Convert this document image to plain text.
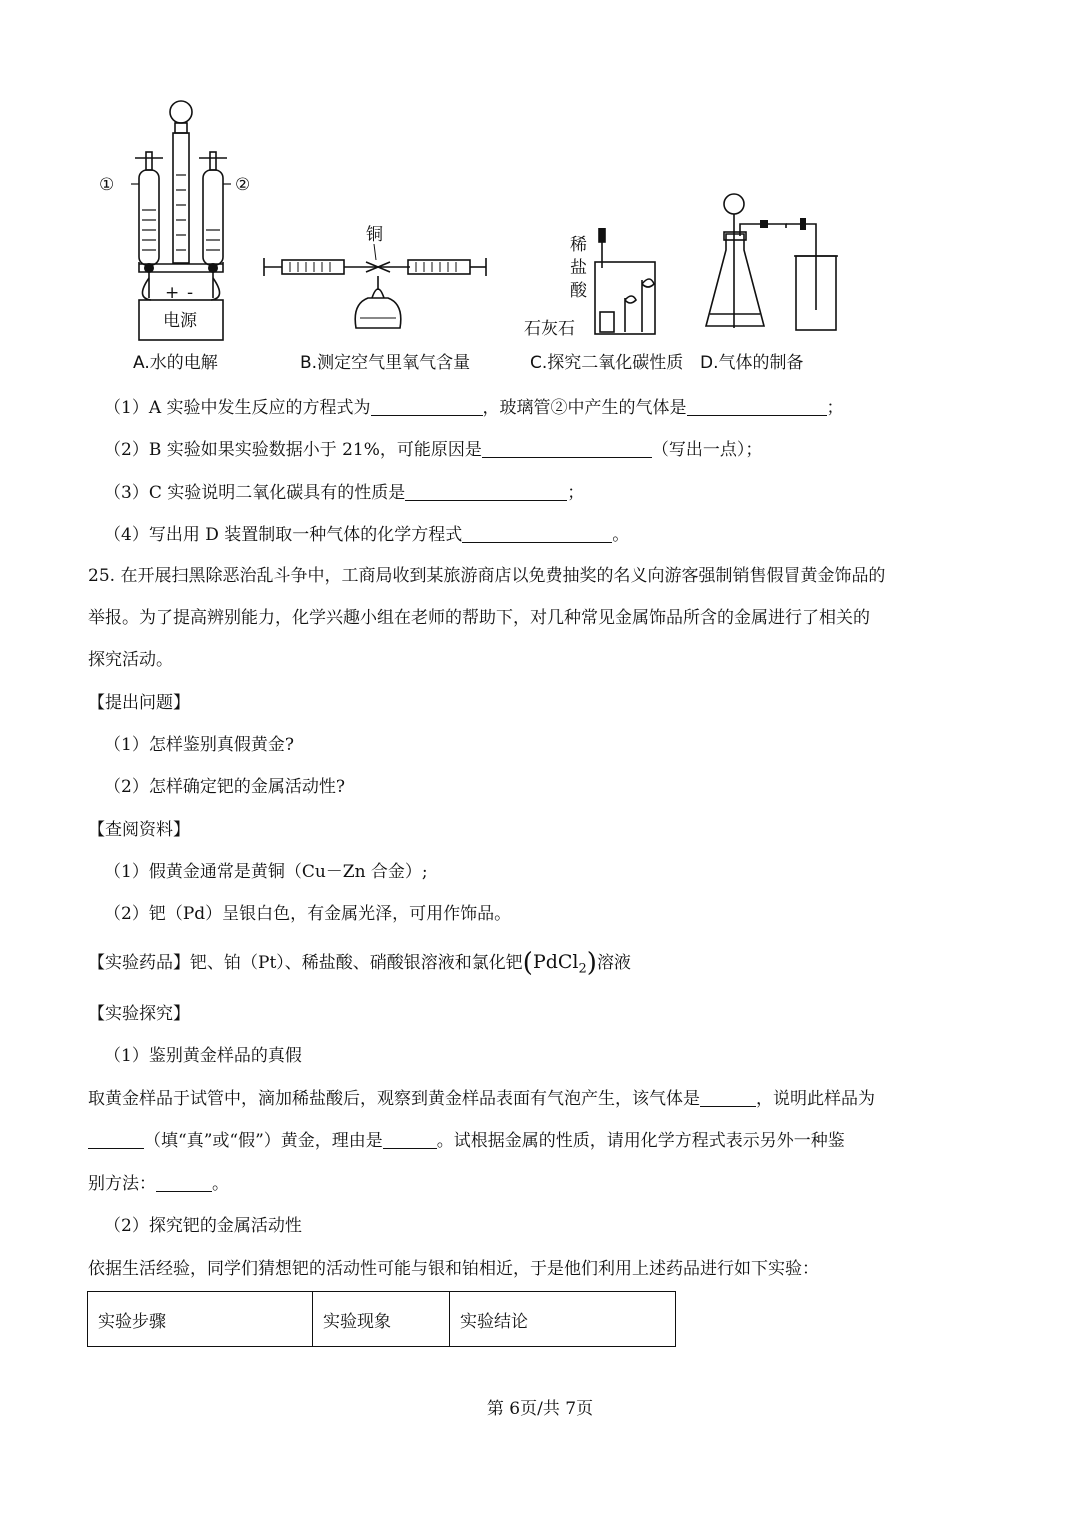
①	②
+ -
电源
A.水的电解
铜
B.测定空气里氧气含量
稀
盐
酸
石灰石
C.探究二氧化碳性质 D.气体的制备
（1）A 实验中发生反应的方程式为	，玻璃管②中产生的气体是	；
（2）B 实验如果实验数据小于 21%，可能原因是	（写出一点）；
（3）C 实验说明二氧化碳具有的性质是	；
（4）写出用 D 装置制取一种气体的化学方程式	。
25. 在开展扫黑除恶治乱斗争中，工商局收到某旅游商店以免费抽奖的名义向游客强制销售假冒黄金饰品的
举报。为了提高辨别能力，化学兴趣小组在老师的帮助下，对几种常见金属饰品所含的金属进行了相关的
探究活动。
【提出问题】
（1）怎样鉴别真假黄金?
（2）怎样确定钯的金属活动性?
【查阅资料】
（1）假黄金通常是黄铜（Cu－Zn 合金）;
（2）钯（Pd）呈银白色，有金属光泽，可用作饰品。
【实验药品】钯、铂（Pt）、稀盐酸、硝酸银溶液和氯化钯(PdCl$_2$)溶液
【实验探究】
（1）鉴别黄金样品的真假
取黄金样品于试管中，滴加稀盐酸后，观察到黄金样品表面有气泡产生，该气体是	，说明此样品为
（填“真”或“假”）黄金，理由是	。试根据金属的性质，请用化学方程式表示另外一种鉴
别方法：	。
（2）探究钯的金属活动性
依据生活经验，同学们猜想钯的活动性可能与银和铂相近，于是他们利用上述药品进行如下实验：
实验步骤	实验现象	实验结论
第 6页/共 7页
